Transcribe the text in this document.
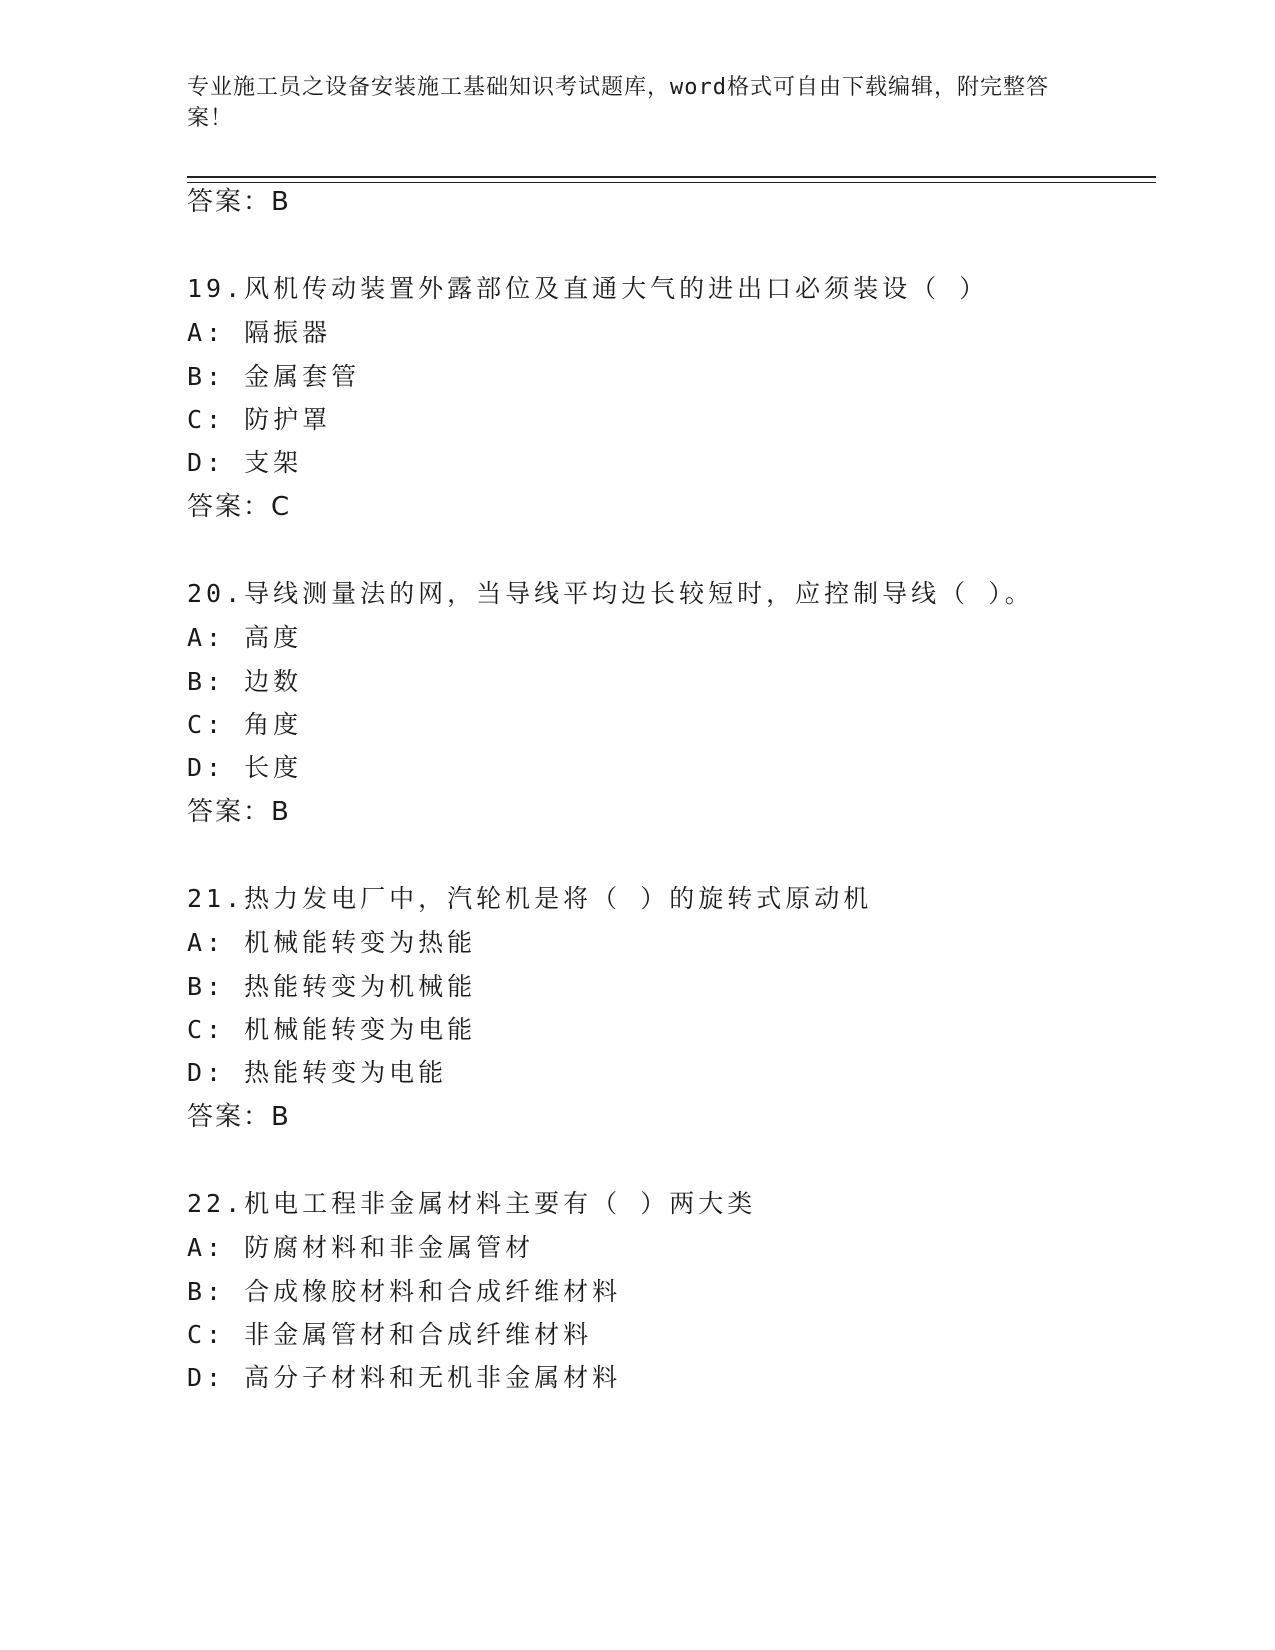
专业施工员之设备安装施工基础知识考试题库，word格式可自由下载编辑，附完整答案！
答案：B
19.风机传动装置外露部位及直通大气的进出口必须装设（ ）
A: 隔振器
B: 金属套管
C: 防护罩
D: 支架
答案：C
20.导线测量法的网，当导线平均边长较短时，应控制导线（ ）。
A: 高度
B: 边数
C: 角度
D: 长度
答案：B
21.热力发电厂中，汽轮机是将（ ）的旋转式原动机
A: 机械能转变为热能
B: 热能转变为机械能
C: 机械能转变为电能
D: 热能转变为电能
答案：B
22.机电工程非金属材料主要有（ ）两大类
A: 防腐材料和非金属管材
B: 合成橡胶材料和合成纤维材料
C: 非金属管材和合成纤维材料
D: 高分子材料和无机非金属材料
